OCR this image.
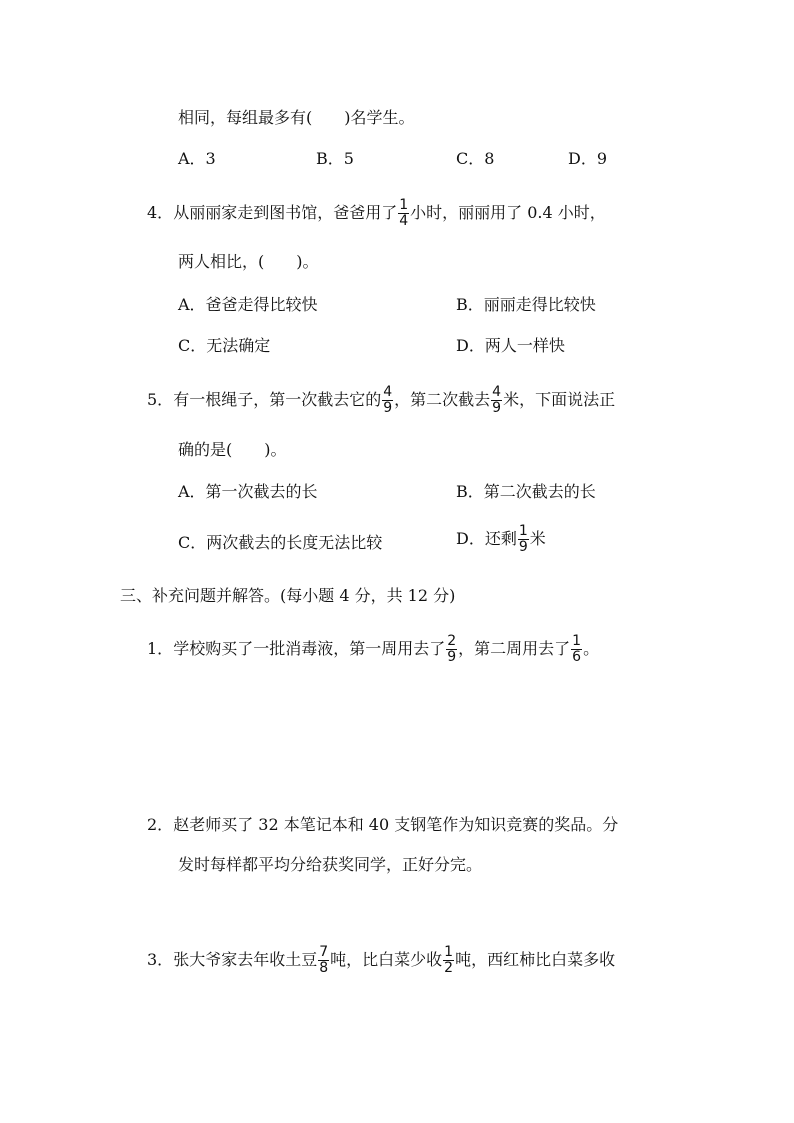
相同，每组最多有(　　)名学生。
A．3	B．5	C．8	D．9
4．从丽丽家走到图书馆，爸爸用了 $\frac{1}{4}$ 小时，丽丽用了 0.4 小时，
两人相比，(　　)。
A．爸爸走得比较快	B．丽丽走得比较快
C．无法确定	D．两人一样快
5．有一根绳子，第一次截去它的 $\frac{4}{9}$ ，第二次截去 $\frac{4}{9}$ 米，下面说法正
确的是(　　)。
A．第一次截去的长	B．第二次截去的长
C．两次截去的长度无法比较	D．还剩 $\frac{1}{9}$ 米
三、补充问题并解答。(每小题 4 分，共 12 分)
1．学校购买了一批消毒液，第一周用去了 $\frac{2}{9}$ ，第二周用去了 $\frac{1}{6}$ 。
2．赵老师买了 32 本笔记本和 40 支钢笔作为知识竞赛的奖品。分
发时每样都平均分给获奖同学，正好分完。
3．张大爷家去年收土豆 $\frac{7}{8}$ 吨，比白菜少收 $\frac{1}{2}$ 吨，西红柿比白菜多收
